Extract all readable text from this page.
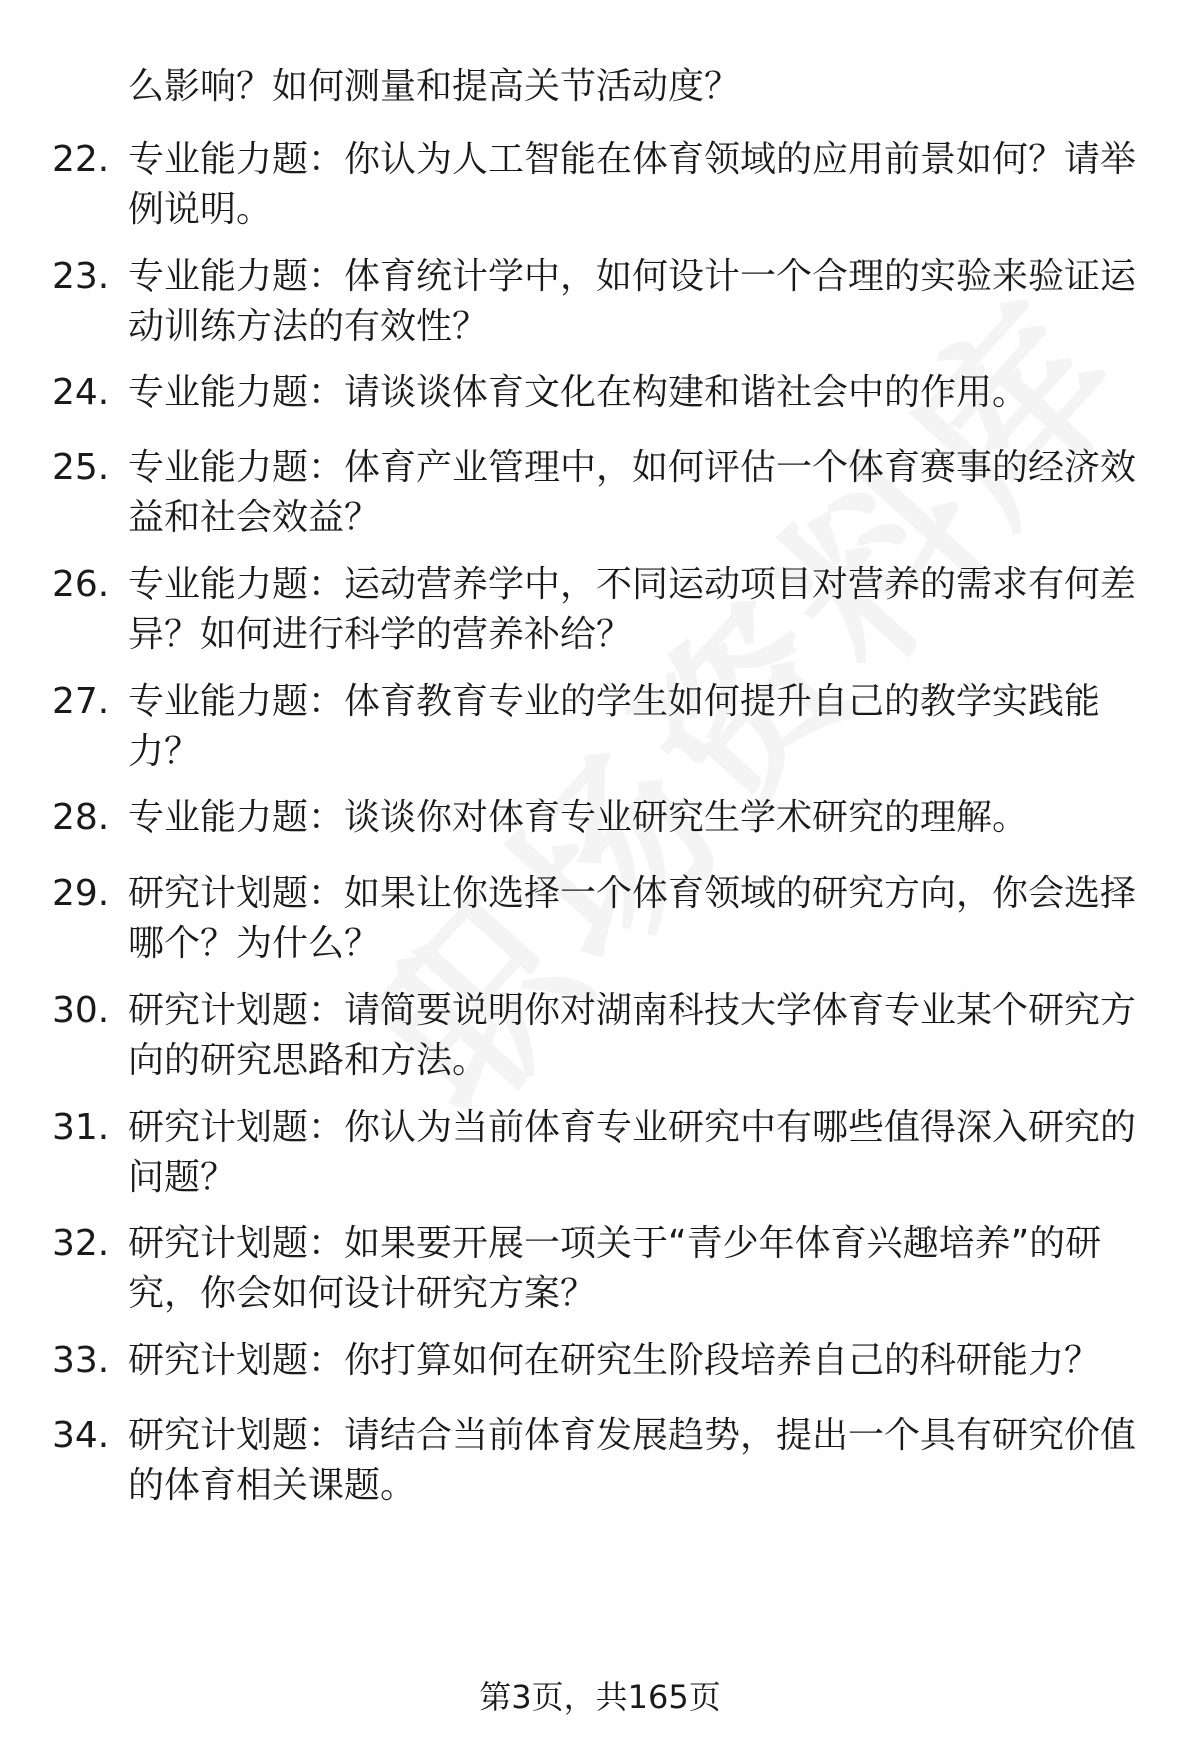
么影响？如何测量和提高关节活动度？
22. 专业能力题：你认为人工智能在体育领域的应用前景如何？请举例说明。
23. 专业能力题：体育统计学中，如何设计一个合理的实验来验证运动训练方法的有效性？
24. 专业能力题：请谈谈体育文化在构建和谐社会中的作用。
25. 专业能力题：体育产业管理中，如何评估一个体育赛事的经济效益和社会效益？
26. 专业能力题：运动营养学中，不同运动项目对营养的需求有何差异？如何进行科学的营养补给？
27. 专业能力题：体育教育专业的学生如何提升自己的教学实践能力？
28. 专业能力题：谈谈你对体育专业研究生学术研究的理解。
29. 研究计划题：如果让你选择一个体育领域的研究方向，你会选择哪个？为什么？
30. 研究计划题：请简要说明你对湖南科技大学体育专业某个研究方向的研究思路和方法。
31. 研究计划题：你认为当前体育专业研究中有哪些值得深入研究的问题？
32. 研究计划题：如果要开展一项关于“青少年体育兴趣培养”的研究，你会如何设计研究方案？
33. 研究计划题：你打算如何在研究生阶段培养自己的科研能力？
34. 研究计划题：请结合当前体育发展趋势，提出一个具有研究价值的体育相关课题。
第3页，共165页
